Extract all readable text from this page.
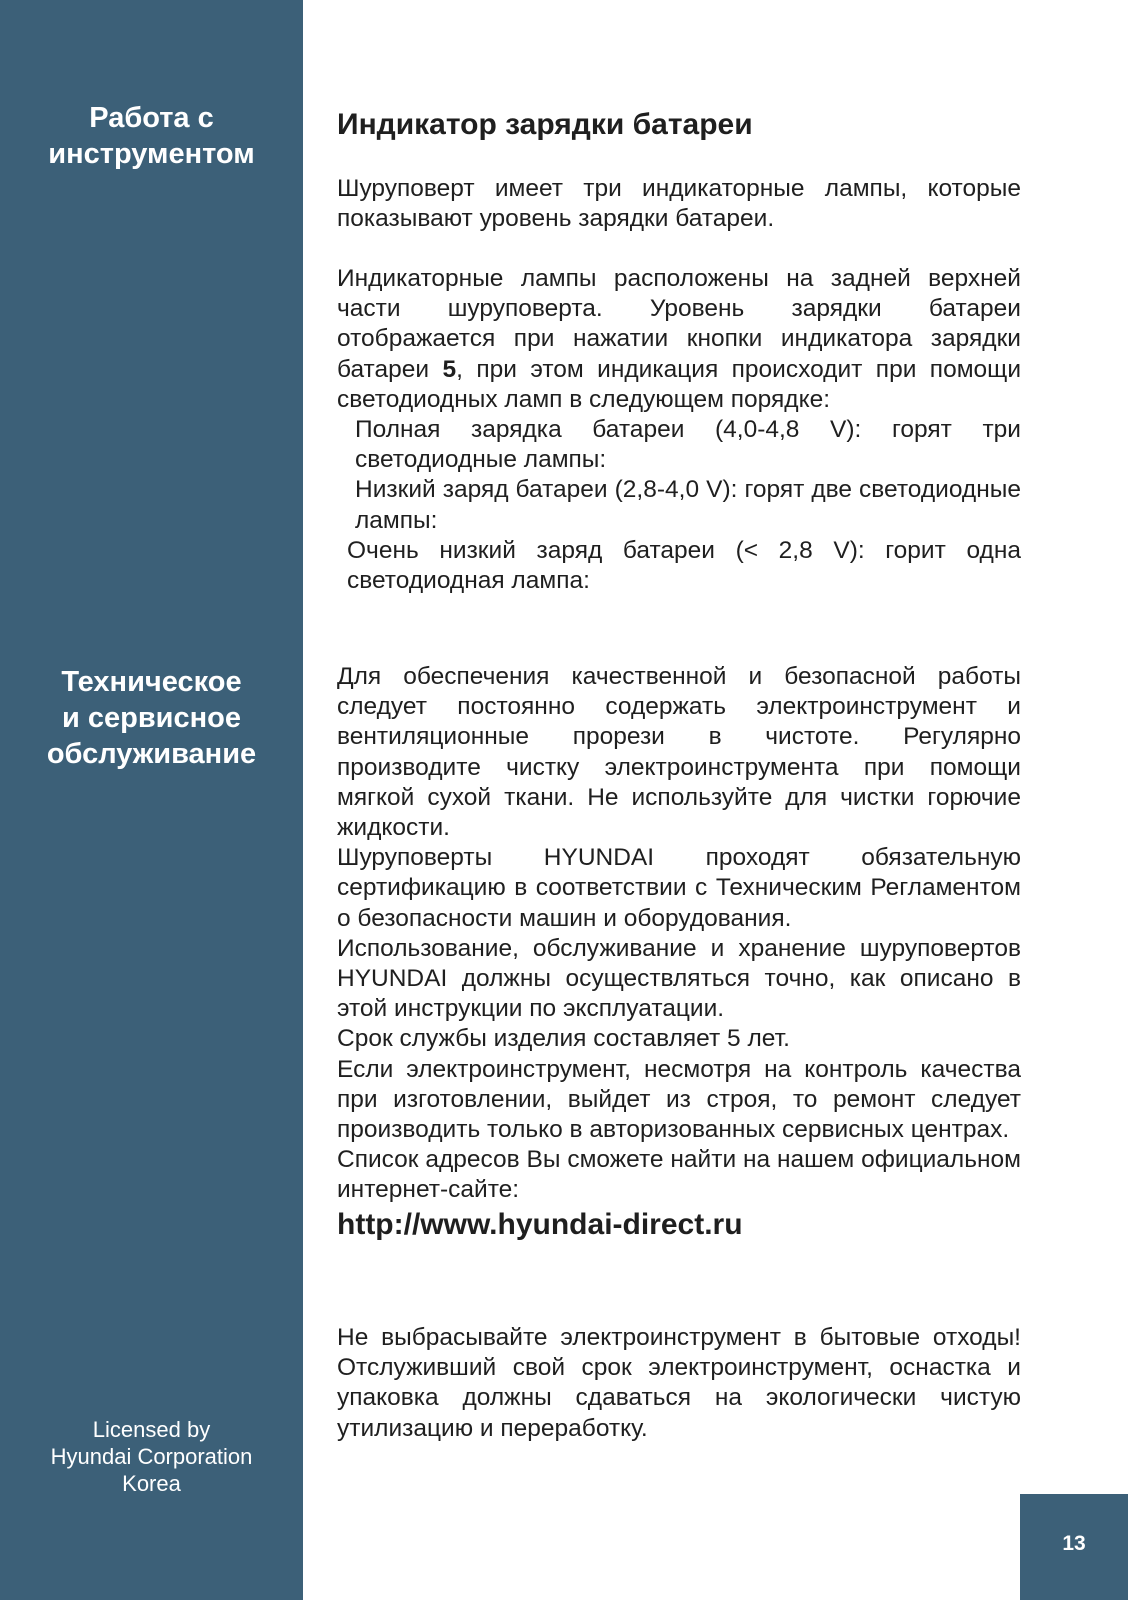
Работа с
инструментом
Техническое
и сервисное
обслуживание
Licensed by
Hyundai Corporation
Korea
Индикатор зарядки батареи

Шуруповерт имеет три индикаторные лампы, которые показывают уровень зарядки батареи.

Индикаторные лампы расположены на задней верхней части шуруповерта. Уровень зарядки батареи отображается при нажатии кнопки индикатора зарядки батареи 5, при этом индикация происходит при помощи светодиодных ламп в следующем порядке:
Полная зарядка батареи (4,0-4,8 V): горят три светодиодные лампы:
Низкий заряд батареи (2,8-4,0 V): горят две светодиодные лампы:
Очень низкий заряд батареи (< 2,8 V): горит одна светодиодная лампа:

Для обеспечения качественной и безопасной работы следует постоянно содержать электроинструмент и вентиляционные прорези в чистоте. Регулярно производите чистку электроинструмента при помощи мягкой сухой ткани. Не используйте для чистки горючие жидкости.
Шуруповерты HYUNDAI проходят обязательную сертификацию в соответствии с Техническим Регламентом о безопасности машин и оборудования.
Использование, обслуживание и хранение шуруповертов HYUNDAI должны осуществляться точно, как описано в этой инструкции по эксплуатации.
Срок службы изделия составляет 5 лет.
Если электроинструмент, несмотря на контроль качества при изготовлении, выйдет из строя, то ремонт следует производить только в авторизованных сервисных центрах.
Список адресов Вы сможете найти на нашем официальном интернет-сайте:
http://www.hyundai-direct.ru

Не выбрасывайте электроинструмент в бытовые отходы! Отслуживший свой срок электроинструмент, оснастка и упаковка должны сдаваться на экологически чистую утилизацию и переработку.

13
